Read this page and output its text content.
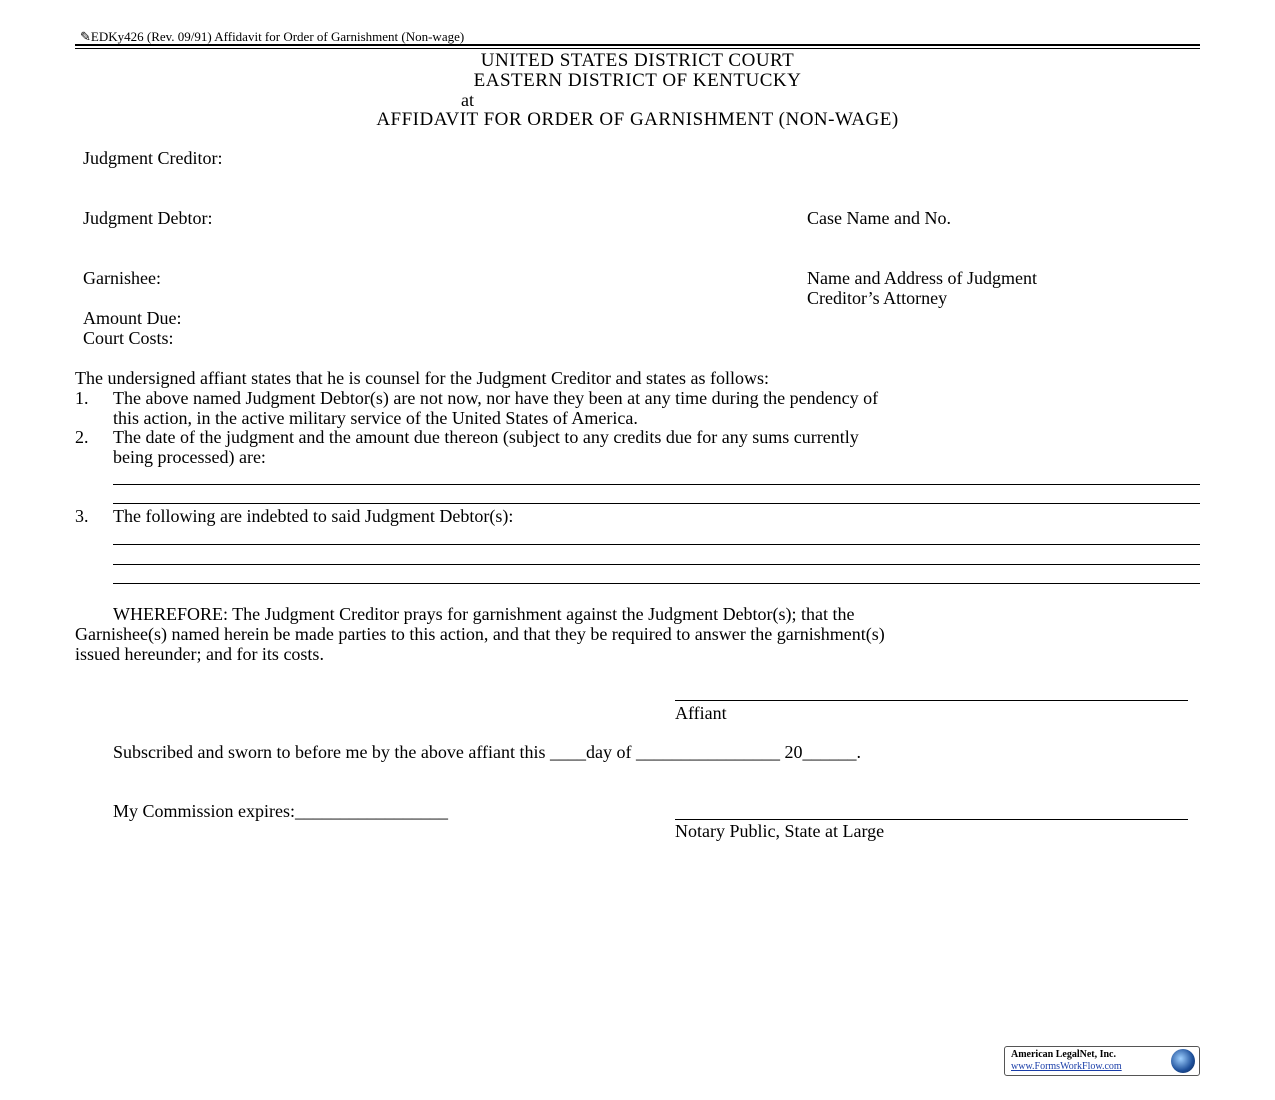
✎EDKy426 (Rev. 09/91) Affidavit for Order of Garnishment (Non-wage)
UNITED STATES DISTRICT COURT
EASTERN DISTRICT OF KENTUCKY
at
AFFIDAVIT FOR ORDER OF GARNISHMENT (NON-WAGE)
Judgment Creditor:
Judgment Debtor:	Case Name and No.
Garnishee:	Name and Address of Judgment
Creditor’s Attorney
Amount Due:
Court Costs:
The undersigned affiant states that he is counsel for the Judgment Creditor and states as follows:
1. The above named Judgment Debtor(s) are not now, nor have they been at any time during the pendency of
this action, in the active military service of the United States of America.
2. The date of the judgment and the amount due thereon (subject to any credits due for any sums currently
being processed) are:
3. The following are indebted to said Judgment Debtor(s):
WHEREFORE: The Judgment Creditor prays for garnishment against the Judgment Debtor(s); that the
Garnishee(s) named herein be made parties to this action, and that they be required to answer the garnishment(s)
issued hereunder; and for its costs.
Affiant
Subscribed and sworn to before me by the above affiant this ____day of ________________ 20______.
My Commission expires:_________________
Notary Public, State at Large
American LegalNet, Inc.
www.FormsWorkFlow.com
